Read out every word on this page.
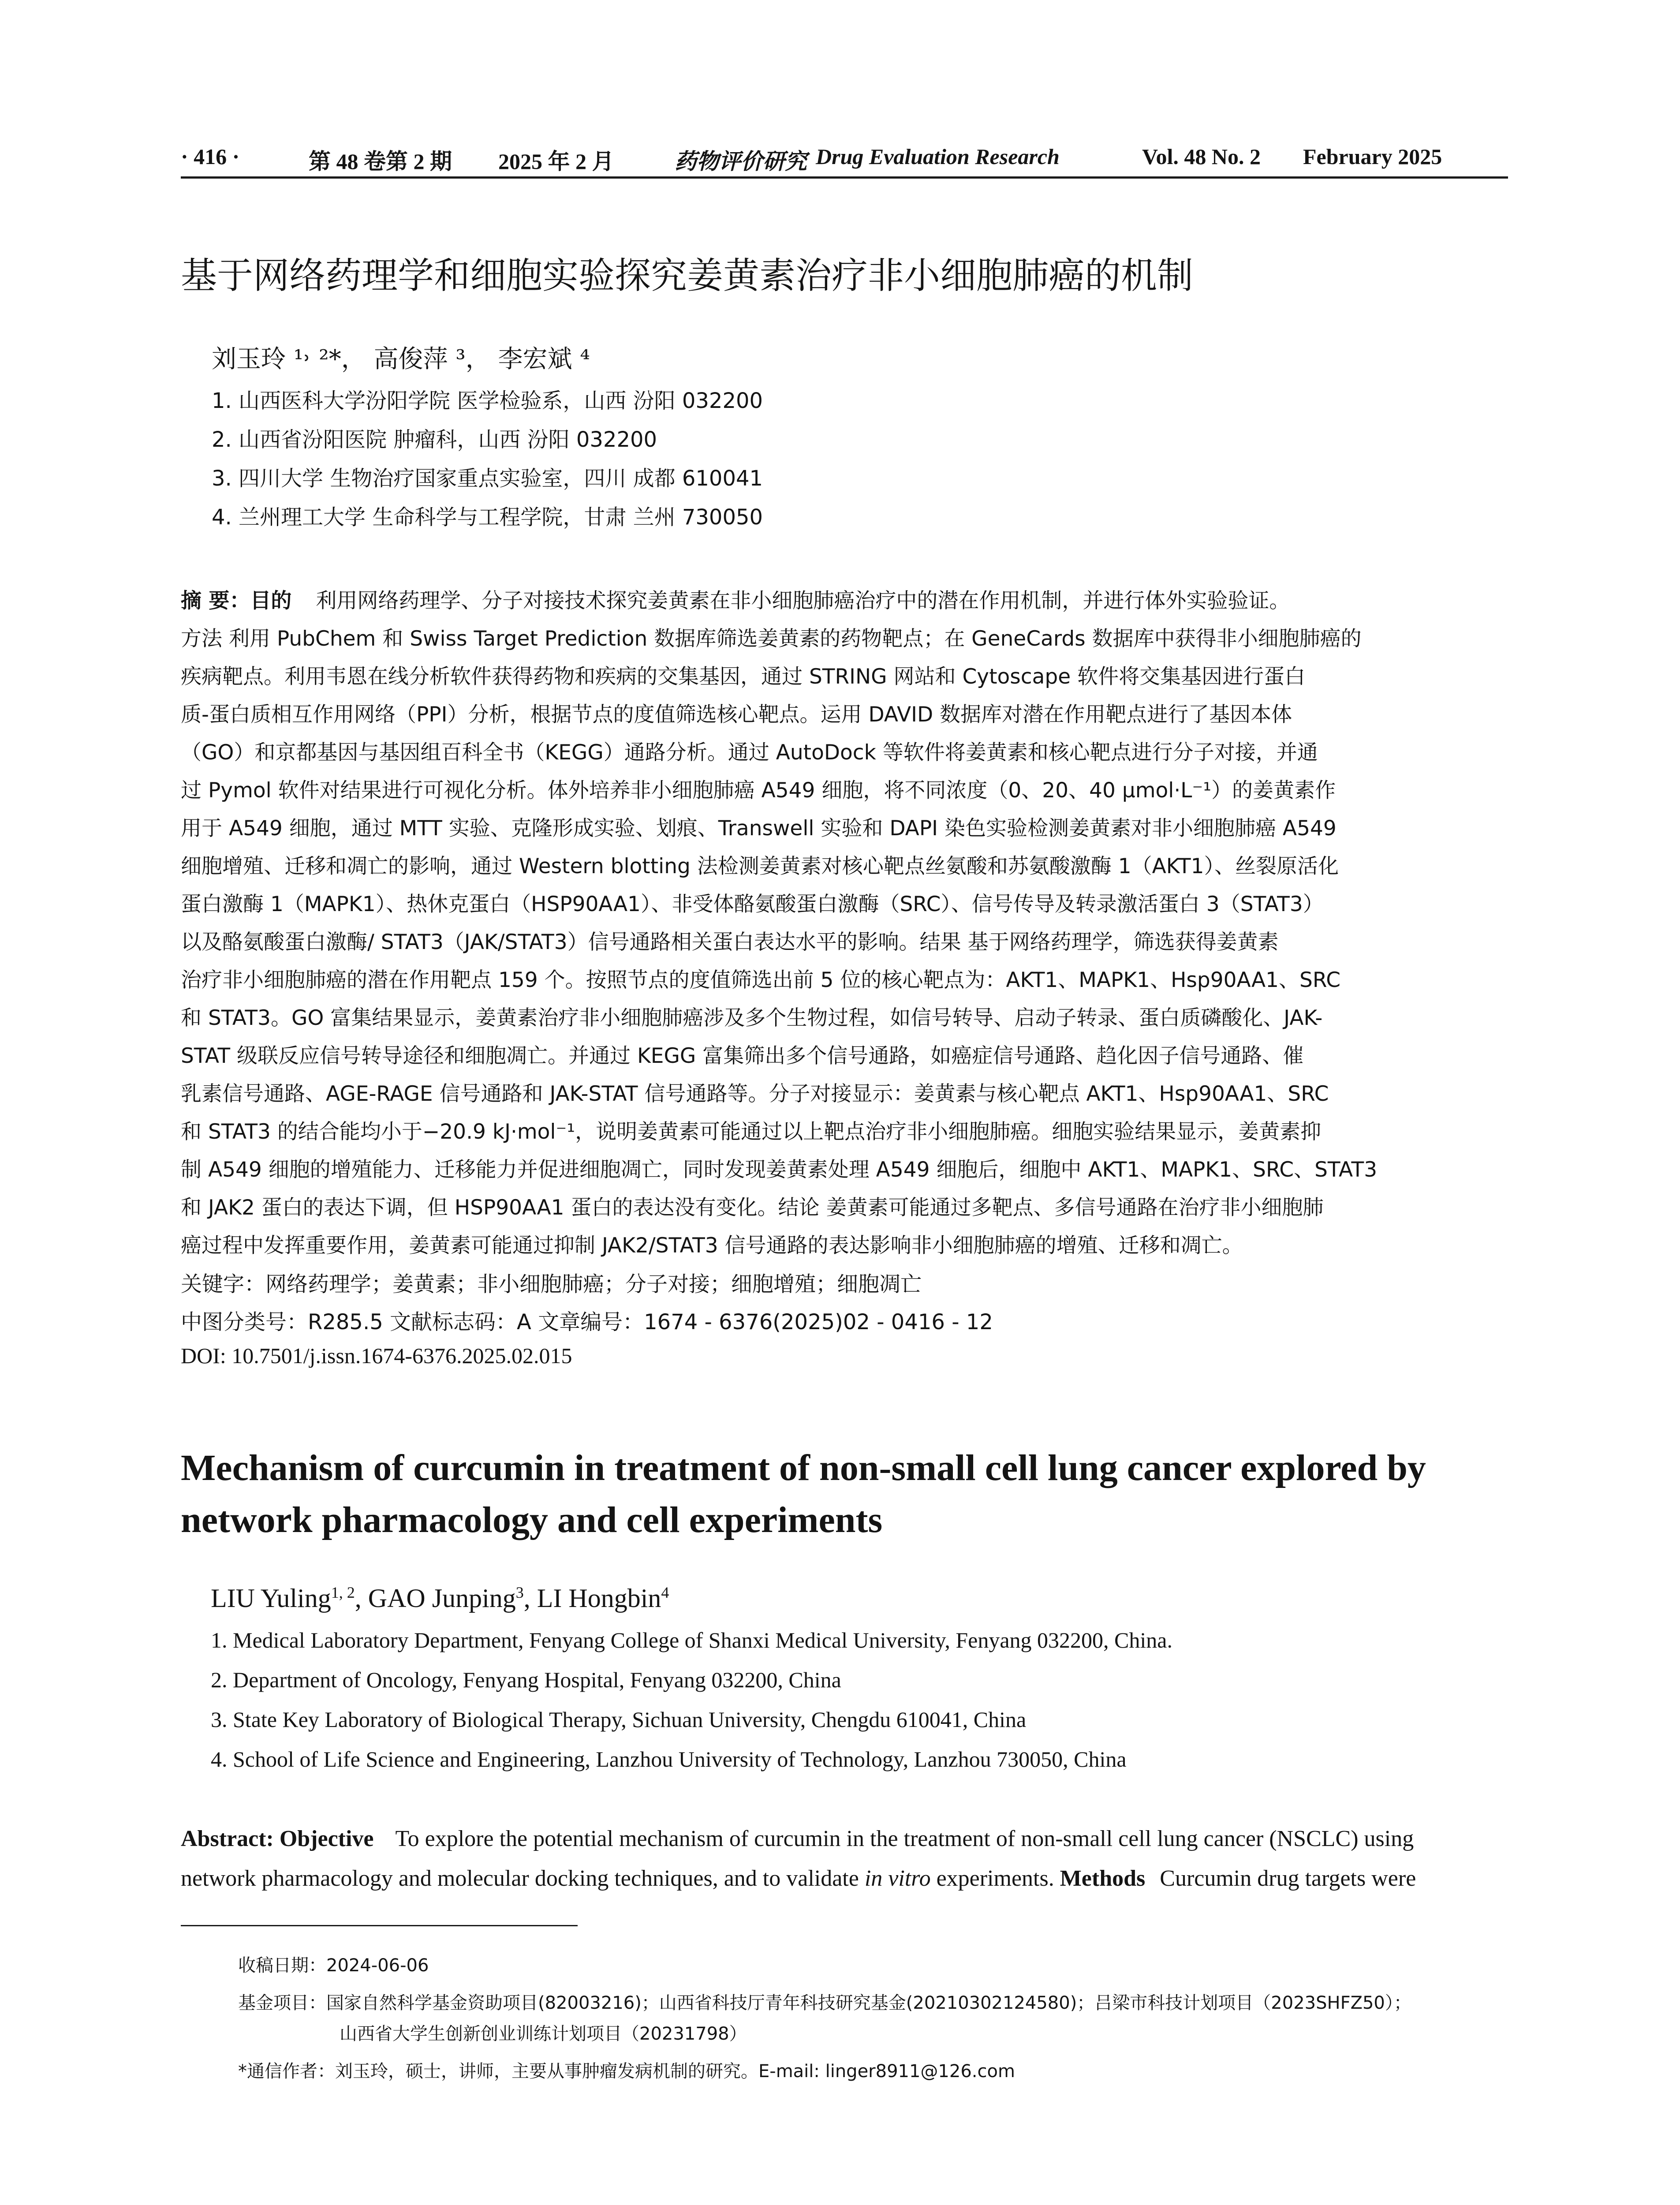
· 416 ·	第 48 卷第 2 期 2025 年 2 月	药物评价研究 Drug Evaluation Research	Vol. 48 No. 2 February 2025
基于网络药理学和细胞实验探究姜黄素治疗非小细胞肺癌的机制
刘玉玲 ¹˒ ²*， 高俊萍 ³， 李宏斌 ⁴
1. 山西医科大学汾阳学院 医学检验系，山西 汾阳 032200
2. 山西省汾阳医院 肿瘤科，山西 汾阳 032200
3. 四川大学 生物治疗国家重点实验室，四川 成都 610041
4. 兰州理工大学 生命科学与工程学院，甘肃 兰州 730050
摘 要：目的 利用网络药理学、分子对接技术探究姜黄素在非小细胞肺癌治疗中的潜在作用机制，并进行体外实验验证。
方法 利用 PubChem 和 Swiss Target Prediction 数据库筛选姜黄素的药物靶点；在 GeneCards 数据库中获得非小细胞肺癌的
疾病靶点。利用韦恩在线分析软件获得药物和疾病的交集基因，通过 STRING 网站和 Cytoscape 软件将交集基因进行蛋白
质-蛋白质相互作用网络（PPI）分析，根据节点的度值筛选核心靶点。运用 DAVID 数据库对潜在作用靶点进行了基因本体
（GO）和京都基因与基因组百科全书（KEGG）通路分析。通过 AutoDock 等软件将姜黄素和核心靶点进行分子对接，并通
过 Pymol 软件对结果进行可视化分析。体外培养非小细胞肺癌 A549 细胞，将不同浓度（0、20、40 μmol·L⁻¹）的姜黄素作
用于 A549 细胞，通过 MTT 实验、克隆形成实验、划痕、Transwell 实验和 DAPI 染色实验检测姜黄素对非小细胞肺癌 A549
细胞增殖、迁移和凋亡的影响，通过 Western blotting 法检测姜黄素对核心靶点丝氨酸和苏氨酸激酶 1（AKT1）、丝裂原活化
蛋白激酶 1（MAPK1）、热休克蛋白（HSP90AA1）、非受体酪氨酸蛋白激酶（SRC）、信号传导及转录激活蛋白 3（STAT3）
以及酪氨酸蛋白激酶/ STAT3（JAK/STAT3）信号通路相关蛋白表达水平的影响。结果 基于网络药理学，筛选获得姜黄素
治疗非小细胞肺癌的潜在作用靶点 159 个。按照节点的度值筛选出前 5 位的核心靶点为：AKT1、MAPK1、Hsp90AA1、SRC
和 STAT3。GO 富集结果显示，姜黄素治疗非小细胞肺癌涉及多个生物过程，如信号转导、启动子转录、蛋白质磷酸化、JAK-
STAT 级联反应信号转导途径和细胞凋亡。并通过 KEGG 富集筛出多个信号通路，如癌症信号通路、趋化因子信号通路、催
乳素信号通路、AGE-RAGE 信号通路和 JAK-STAT 信号通路等。分子对接显示：姜黄素与核心靶点 AKT1、Hsp90AA1、SRC
和 STAT3 的结合能均小于−20.9 kJ·mol⁻¹，说明姜黄素可能通过以上靶点治疗非小细胞肺癌。细胞实验结果显示，姜黄素抑
制 A549 细胞的增殖能力、迁移能力并促进细胞凋亡，同时发现姜黄素处理 A549 细胞后，细胞中 AKT1、MAPK1、SRC、STAT3
和 JAK2 蛋白的表达下调，但 HSP90AA1 蛋白的表达没有变化。结论 姜黄素可能通过多靶点、多信号通路在治疗非小细胞肺
癌过程中发挥重要作用，姜黄素可能通过抑制 JAK2/STAT3 信号通路的表达影响非小细胞肺癌的增殖、迁移和凋亡。
关键字：网络药理学；姜黄素；非小细胞肺癌；分子对接；细胞增殖；细胞凋亡
中图分类号：R285.5 文献标志码：A 文章编号：1674 - 6376(2025)02 - 0416 - 12
DOI: 10.7501/j.issn.1674-6376.2025.02.015
Mechanism of curcumin in treatment of non-small cell lung cancer explored by network pharmacology and cell experiments
LIU Yuling$^{1, 2}$, GAO Junping$^3$, LI Hongbin$^4$
1. Medical Laboratory Department, Fenyang College of Shanxi Medical University, Fenyang 032200, China.
2. Department of Oncology, Fenyang Hospital, Fenyang 032200, China
3. State Key Laboratory of Biological Therapy, Sichuan University, Chengdu 610041, China
4. School of Life Science and Engineering, Lanzhou University of Technology, Lanzhou 730050, China
Abstract: Objective To explore the potential mechanism of curcumin in the treatment of non-small cell lung cancer (NSCLC) using
network pharmacology and molecular docking techniques, and to validate in vitro experiments. Methods Curcumin drug targets were
收稿日期：2024-06-06
基金项目：国家自然科学基金资助项目(82003216)；山西省科技厅青年科技研究基金(20210302124580)；吕梁市科技计划项目（2023SHFZ50）；
山西省大学生创新创业训练计划项目（20231798）
*通信作者：刘玉玲，硕士，讲师，主要从事肿瘤发病机制的研究。E-mail: linger8911@126.com
